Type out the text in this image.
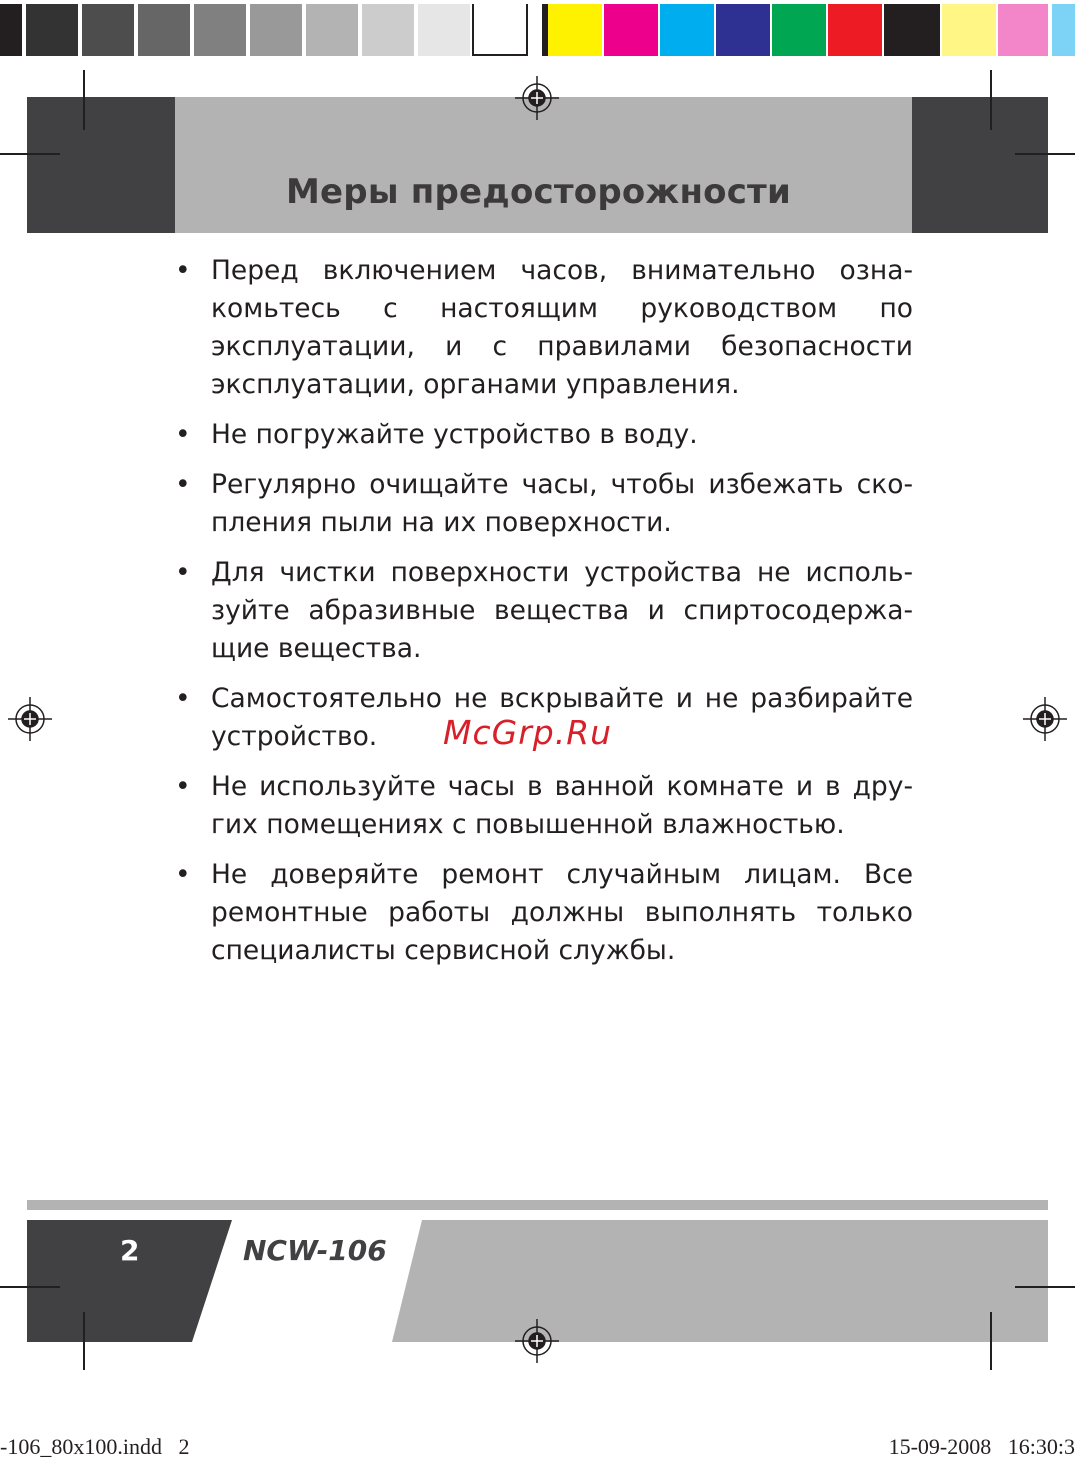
Меры предосторожности
• Перед включением часов, внимательно ознакомьтесь с настоящим руководством по эксплуатации, и с правилами безопасности эксплуатации, органами управления.
• Не погружайте устройство в воду.
• Регулярно очищайте часы, чтобы избежать скопления пыли на их поверхности.
• Для чистки поверхности устройства не используйте абразивные вещества и спиртосодержащие вещества.
• Самостоятельно не вскрывайте и не разбирайте устройство.
• Не используйте часы в ванной комнате и в других помещениях с повышенной влажностью.
• Не доверяйте ремонт случайным лицам. Все ремонтные работы должны выполнять только специалисты сервисной службы.
McGrp.Ru
2	NCW-106
-106_80x100.indd   2	15-09-2008   16:30:3
